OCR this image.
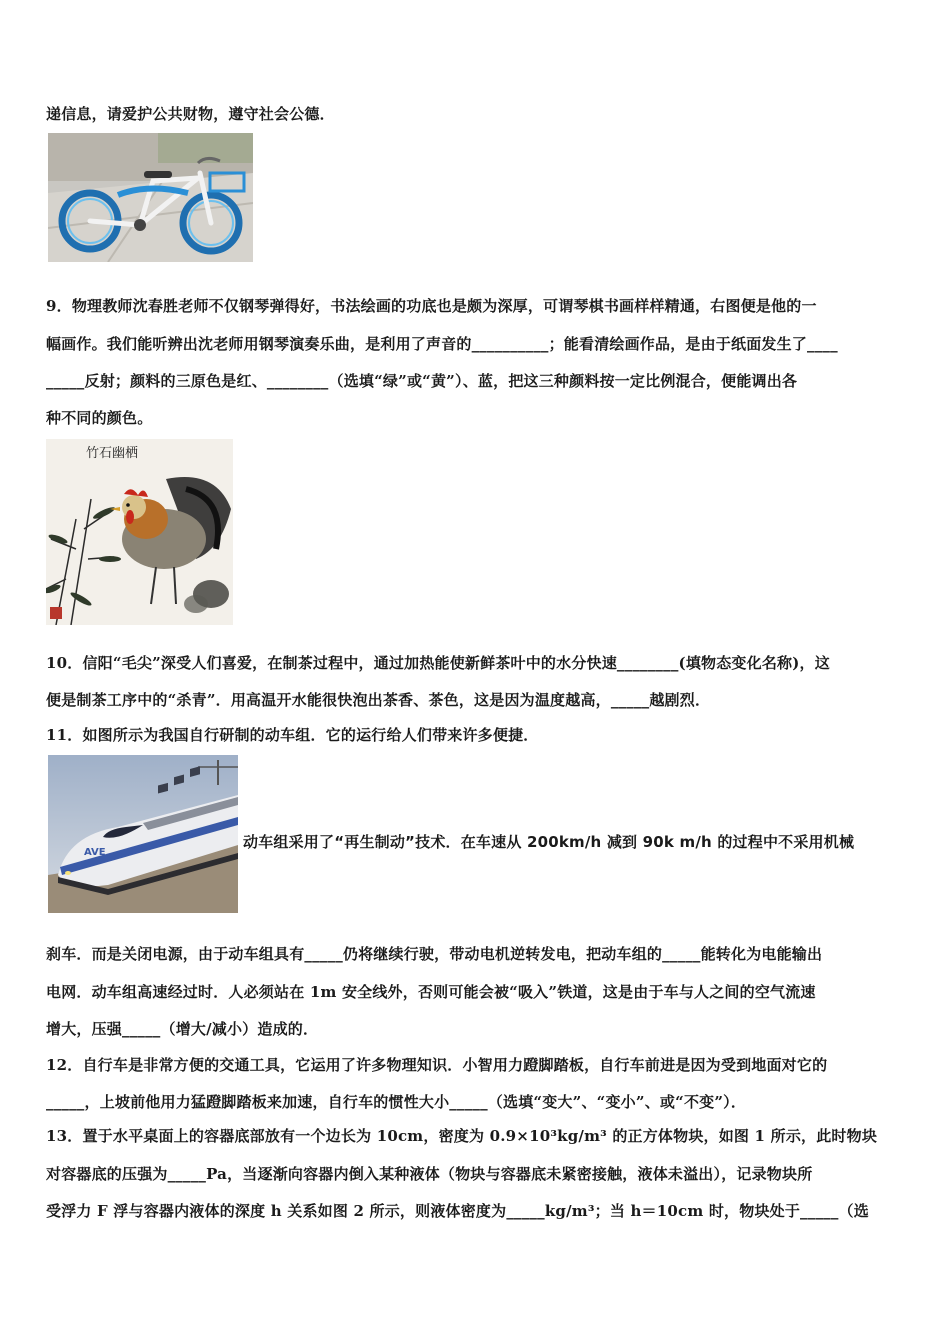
递信息，请爱护公共财物，遵守社会公德．
9．物理教师沈春胜老师不仅钢琴弹得好，书法绘画的功底也是颇为深厚，可谓琴棋书画样样精通，右图便是他的一
幅画作。我们能听辨出沈老师用钢琴演奏乐曲，是利用了声音的__________；能看清绘画作品，是由于纸面发生了____
_____反射；颜料的三原色是红、________（选填“绿”或“黄”）、蓝，把这三种颜料按一定比例混合，便能调出各
种不同的颜色。
竹石幽栖
10．信阳“毛尖”深受人们喜爱，在制茶过程中，通过加热能使新鲜茶叶中的水分快速________(填物态变化名称)，这
便是制茶工序中的“杀青”．用高温开水能很快泡出茶香、茶色，这是因为温度越高，_____越剧烈．
11．如图所示为我国自行研制的动车组．它的运行给人们带来许多便捷．
AVE
动车组采用了“再生制动”技术．在车速从 200km/h 减到 90k m/h 的过程中不采用机械
刹车．而是关闭电源，由于动车组具有_____仍将继续行驶，带动电机逆转发电，把动车组的_____能转化为电能输出
电网．动车组高速经过时．人必须站在 1m 安全线外，否则可能会被“吸入”铁道，这是由于车与人之间的空气流速
增大，压强_____（增大/减小）造成的．
12．自行车是非常方便的交通工具，它运用了许多物理知识．小智用力蹬脚踏板，自行车前进是因为受到地面对它的
_____，上坡前他用力猛蹬脚踏板来加速，自行车的惯性大小_____（选填“变大”、“变小”、或“不变”）．
13．置于水平桌面上的容器底部放有一个边长为 10cm，密度为 0.9×10³kg/m³ 的正方体物块，如图 1 所示，此时物块
对容器底的压强为_____Pa，当逐渐向容器内倒入某种液体（物块与容器底未紧密接触，液体未溢出），记录物块所
受浮力 F 浮与容器内液体的深度 h 关系如图 2 所示，则液体密度为_____kg/m³；当 h＝10cm 时，物块处于_____（选
